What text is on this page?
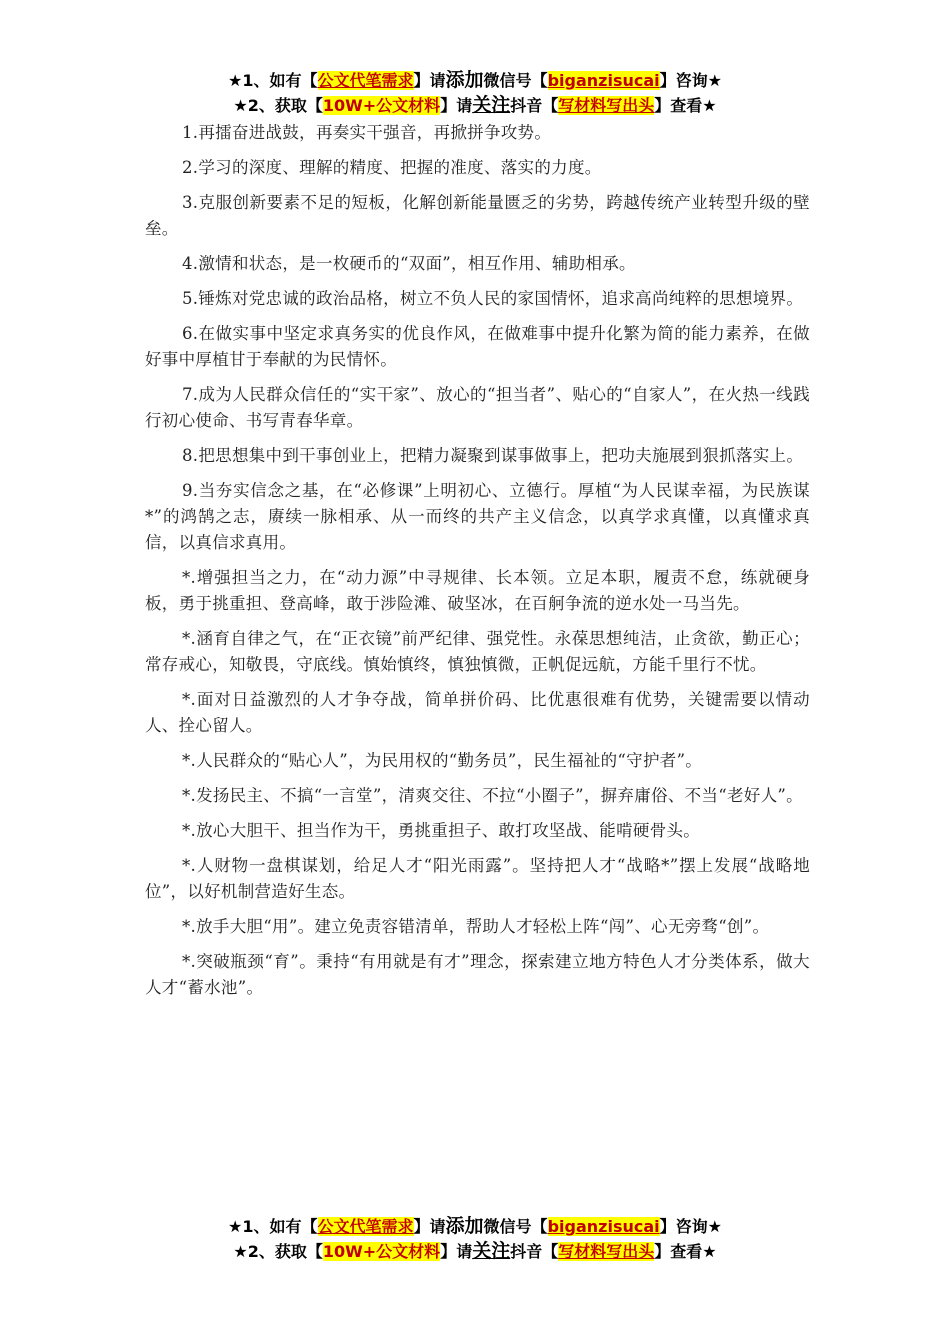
★1、如有【公文代笔需求】请添加微信号【biganzisucai】咨询★
★2、获取【10W+公文材料】请关注抖音【写材料写出头】查看★

1.再擂奋进战鼓，再奏实干强音，再掀拼争攻势。

2.学习的深度、理解的精度、把握的准度、落实的力度。

3.克服创新要素不足的短板，化解创新能量匮乏的劣势，跨越传统产业转型升级的壁垒。

4.激情和状态，是一枚硬币的“双面”，相互作用、辅助相承。

5.锤炼对党忠诚的政治品格，树立不负人民的家国情怀，追求高尚纯粹的思想境界。

6.在做实事中坚定求真务实的优良作风，在做难事中提升化繁为简的能力素养，在做好事中厚植甘于奉献的为民情怀。

7.成为人民群众信任的“实干家”、放心的“担当者”、贴心的“自家人”，在火热一线践行初心使命、书写青春华章。

8.把思想集中到干事创业上，把精力凝聚到谋事做事上，把功夫施展到狠抓落实上。

9.当夯实信念之基，在“必修课”上明初心、立德行。厚植“为人民谋幸福，为民族谋*”的鸿鹄之志，赓续一脉相承、从一而终的共产主义信念，以真学求真懂，以真懂求真信，以真信求真用。

*.增强担当之力，在“动力源”中寻规律、长本领。立足本职，履责不怠，练就硬身板，勇于挑重担、登高峰，敢于涉险滩、破坚冰，在百舸争流的逆水处一马当先。

*.涵育自律之气，在“正衣镜”前严纪律、强党性。永葆思想纯洁，止贪欲，勤正心；常存戒心，知敬畏，守底线。慎始慎终，慎独慎微，正帆促远航，方能千里行不忧。

*.面对日益激烈的人才争夺战，简单拼价码、比优惠很难有优势，关键需要以情动人、拴心留人。

*.人民群众的“贴心人”，为民用权的“勤务员”，民生福祉的“守护者”。

*.发扬民主、不搞“一言堂”，清爽交往、不拉“小圈子”，摒弃庸俗、不当“老好人”。

*.放心大胆干、担当作为干，勇挑重担子、敢打攻坚战、能啃硬骨头。

*.人财物一盘棋谋划，给足人才“阳光雨露”。坚持把人才“战略*”摆上发展“战略地位”，以好机制营造好生态。

*.放手大胆“用”。建立免责容错清单，帮助人才轻松上阵“闯”、心无旁骛“创”。

*.突破瓶颈“育”。秉持“有用就是有才”理念，探索建立地方特色人才分类体系，做大人才“蓄水池”。

★1、如有【公文代笔需求】请添加微信号【biganzisucai】咨询★
★2、获取【10W+公文材料】请关注抖音【写材料写出头】查看★
